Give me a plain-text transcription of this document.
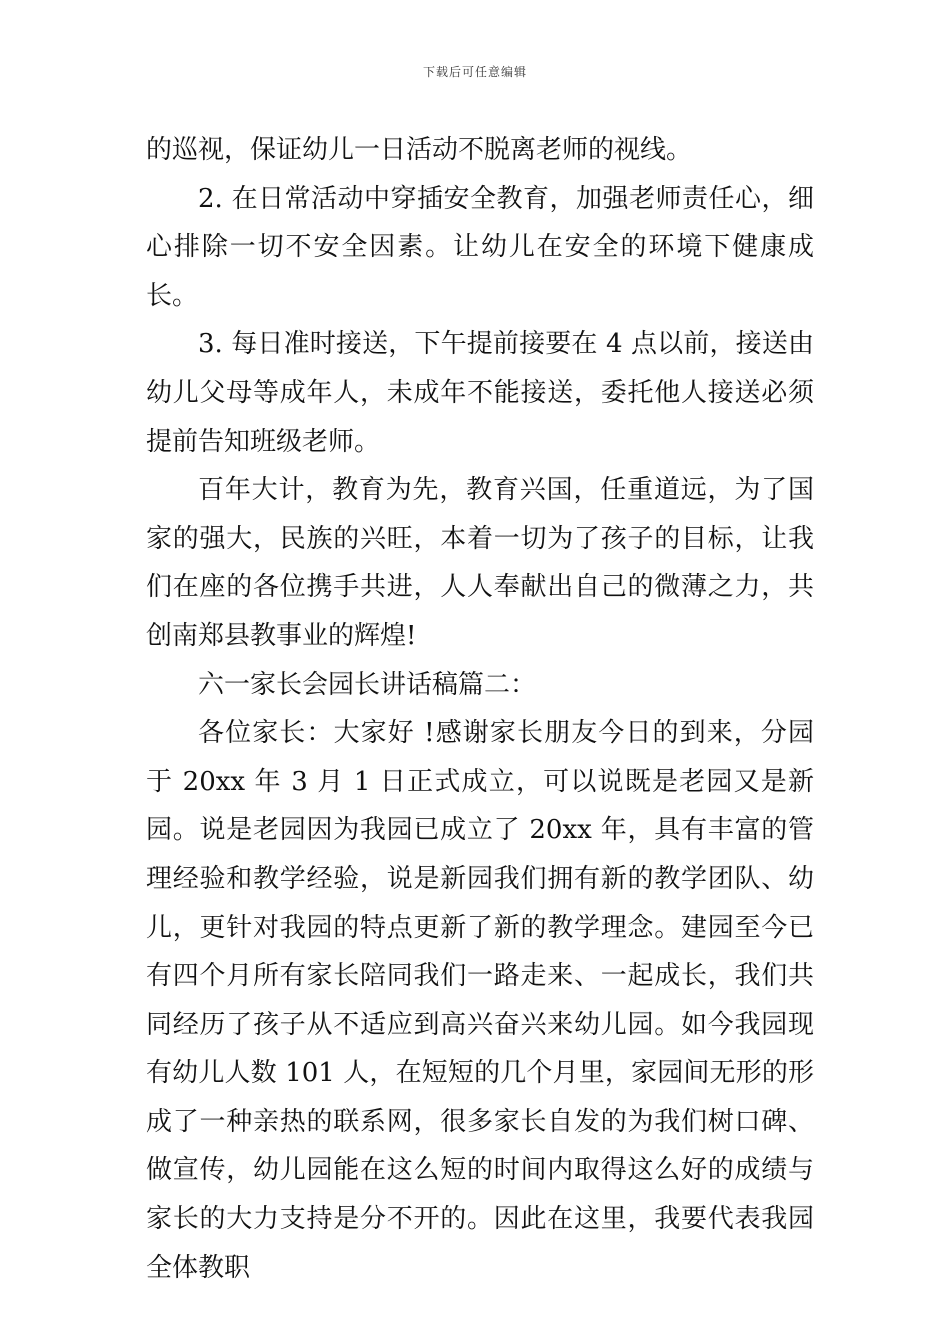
下载后可任意编辑

的巡视，保证幼儿一日活动不脱离老师的视线。

2. 在日常活动中穿插安全教育，加强老师责任心，细心排除一切不安全因素。让幼儿在安全的环境下健康成长。

3. 每日准时接送，下午提前接要在 4 点以前，接送由幼儿父母等成年人，未成年不能接送，委托他人接送必须提前告知班级老师。

百年大计，教育为先，教育兴国，任重道远，为了国家的强大，民族的兴旺，本着一切为了孩子的目标，让我们在座的各位携手共进，人人奉献出自己的微薄之力，共创南郑县教事业的辉煌!

六一家长会园长讲话稿篇二：

各位家长：大家好 !感谢家长朋友今日的到来，分园于 20xx 年 3 月 1 日正式成立，可以说既是老园又是新园。说是老园因为我园已成立了 20xx 年，具有丰富的管理经验和教学经验，说是新园我们拥有新的教学团队、幼儿，更针对我园的特点更新了新的教学理念。建园至今已有四个月所有家长陪同我们一路走来、一起成长，我们共同经历了孩子从不适应到高兴奋兴来幼儿园。如今我园现有幼儿人数 101 人，在短短的几个月里，家园间无形的形成了一种亲热的联系网，很多家长自发的为我们树口碑、做宣传，幼儿园能在这么短的时间内取得这么好的成绩与家长的大力支持是分不开的。因此在这里，我要代表我园全体教职
